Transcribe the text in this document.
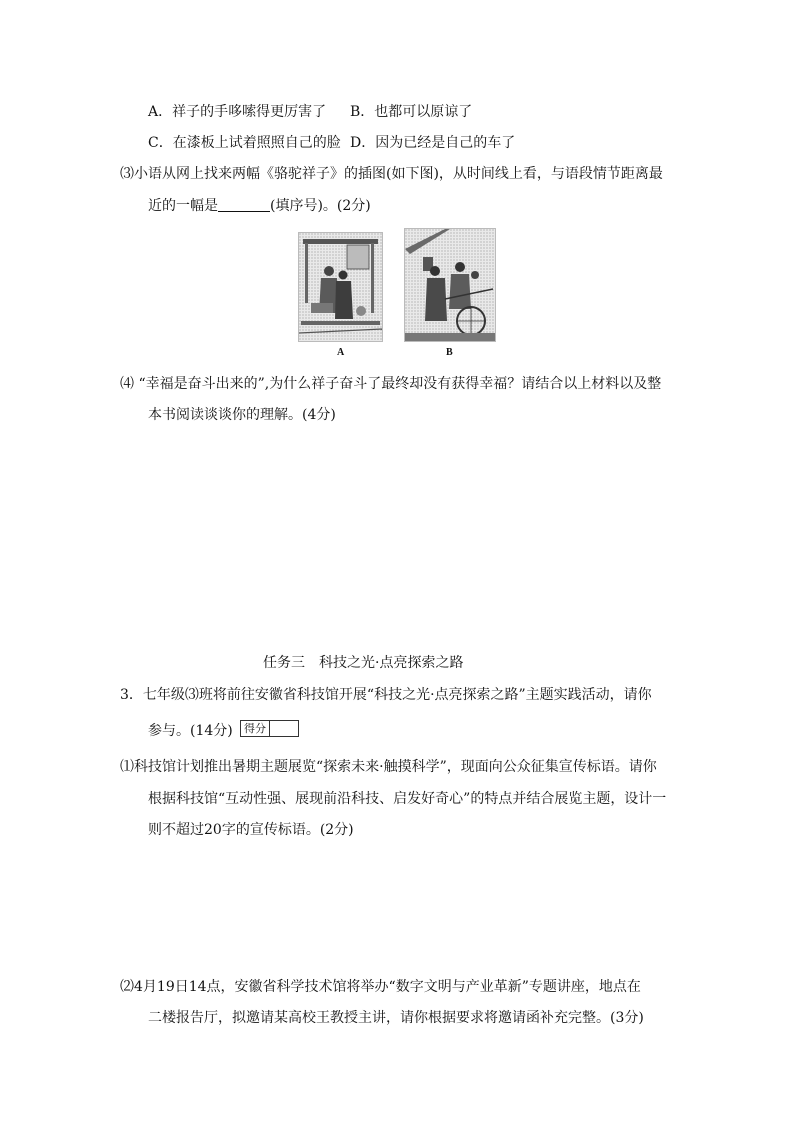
A．祥子的手哆嗦得更厉害了 B．也都可以原谅了
C．在漆板上试着照照自己的脸 D．因为已经是自己的车了
⑶小语从网上找来两幅《骆驼祥子》的插图(如下图)，从时间线上看，与语段情节距离最
近的一幅是	(填序号)。(2分)
A	B
⑷ “幸福是奋斗出来的”,为什么祥子奋斗了最终却没有获得幸福？请结合以上材料以及整
本书阅读谈谈你的理解。(4分)
任务三　科技之光·点亮探索之路
3．七年级⑶班将前往安徽省科技馆开展“科技之光·点亮探索之路”主题实践活动，请你
参与。(14分) 得分
⑴科技馆计划推出暑期主题展览“探索未来·触摸科学”，现面向公众征集宣传标语。请你
根据科技馆“互动性强、展现前沿科技、启发好奇心”的特点并结合展览主题，设计一
则不超过20字的宣传标语。(2分)
⑵4月19日14点，安徽省科学技术馆将举办“数字文明与产业革新”专题讲座，地点在
二楼报告厅，拟邀请某高校王教授主讲，请你根据要求将邀请函补充完整。(3分)
